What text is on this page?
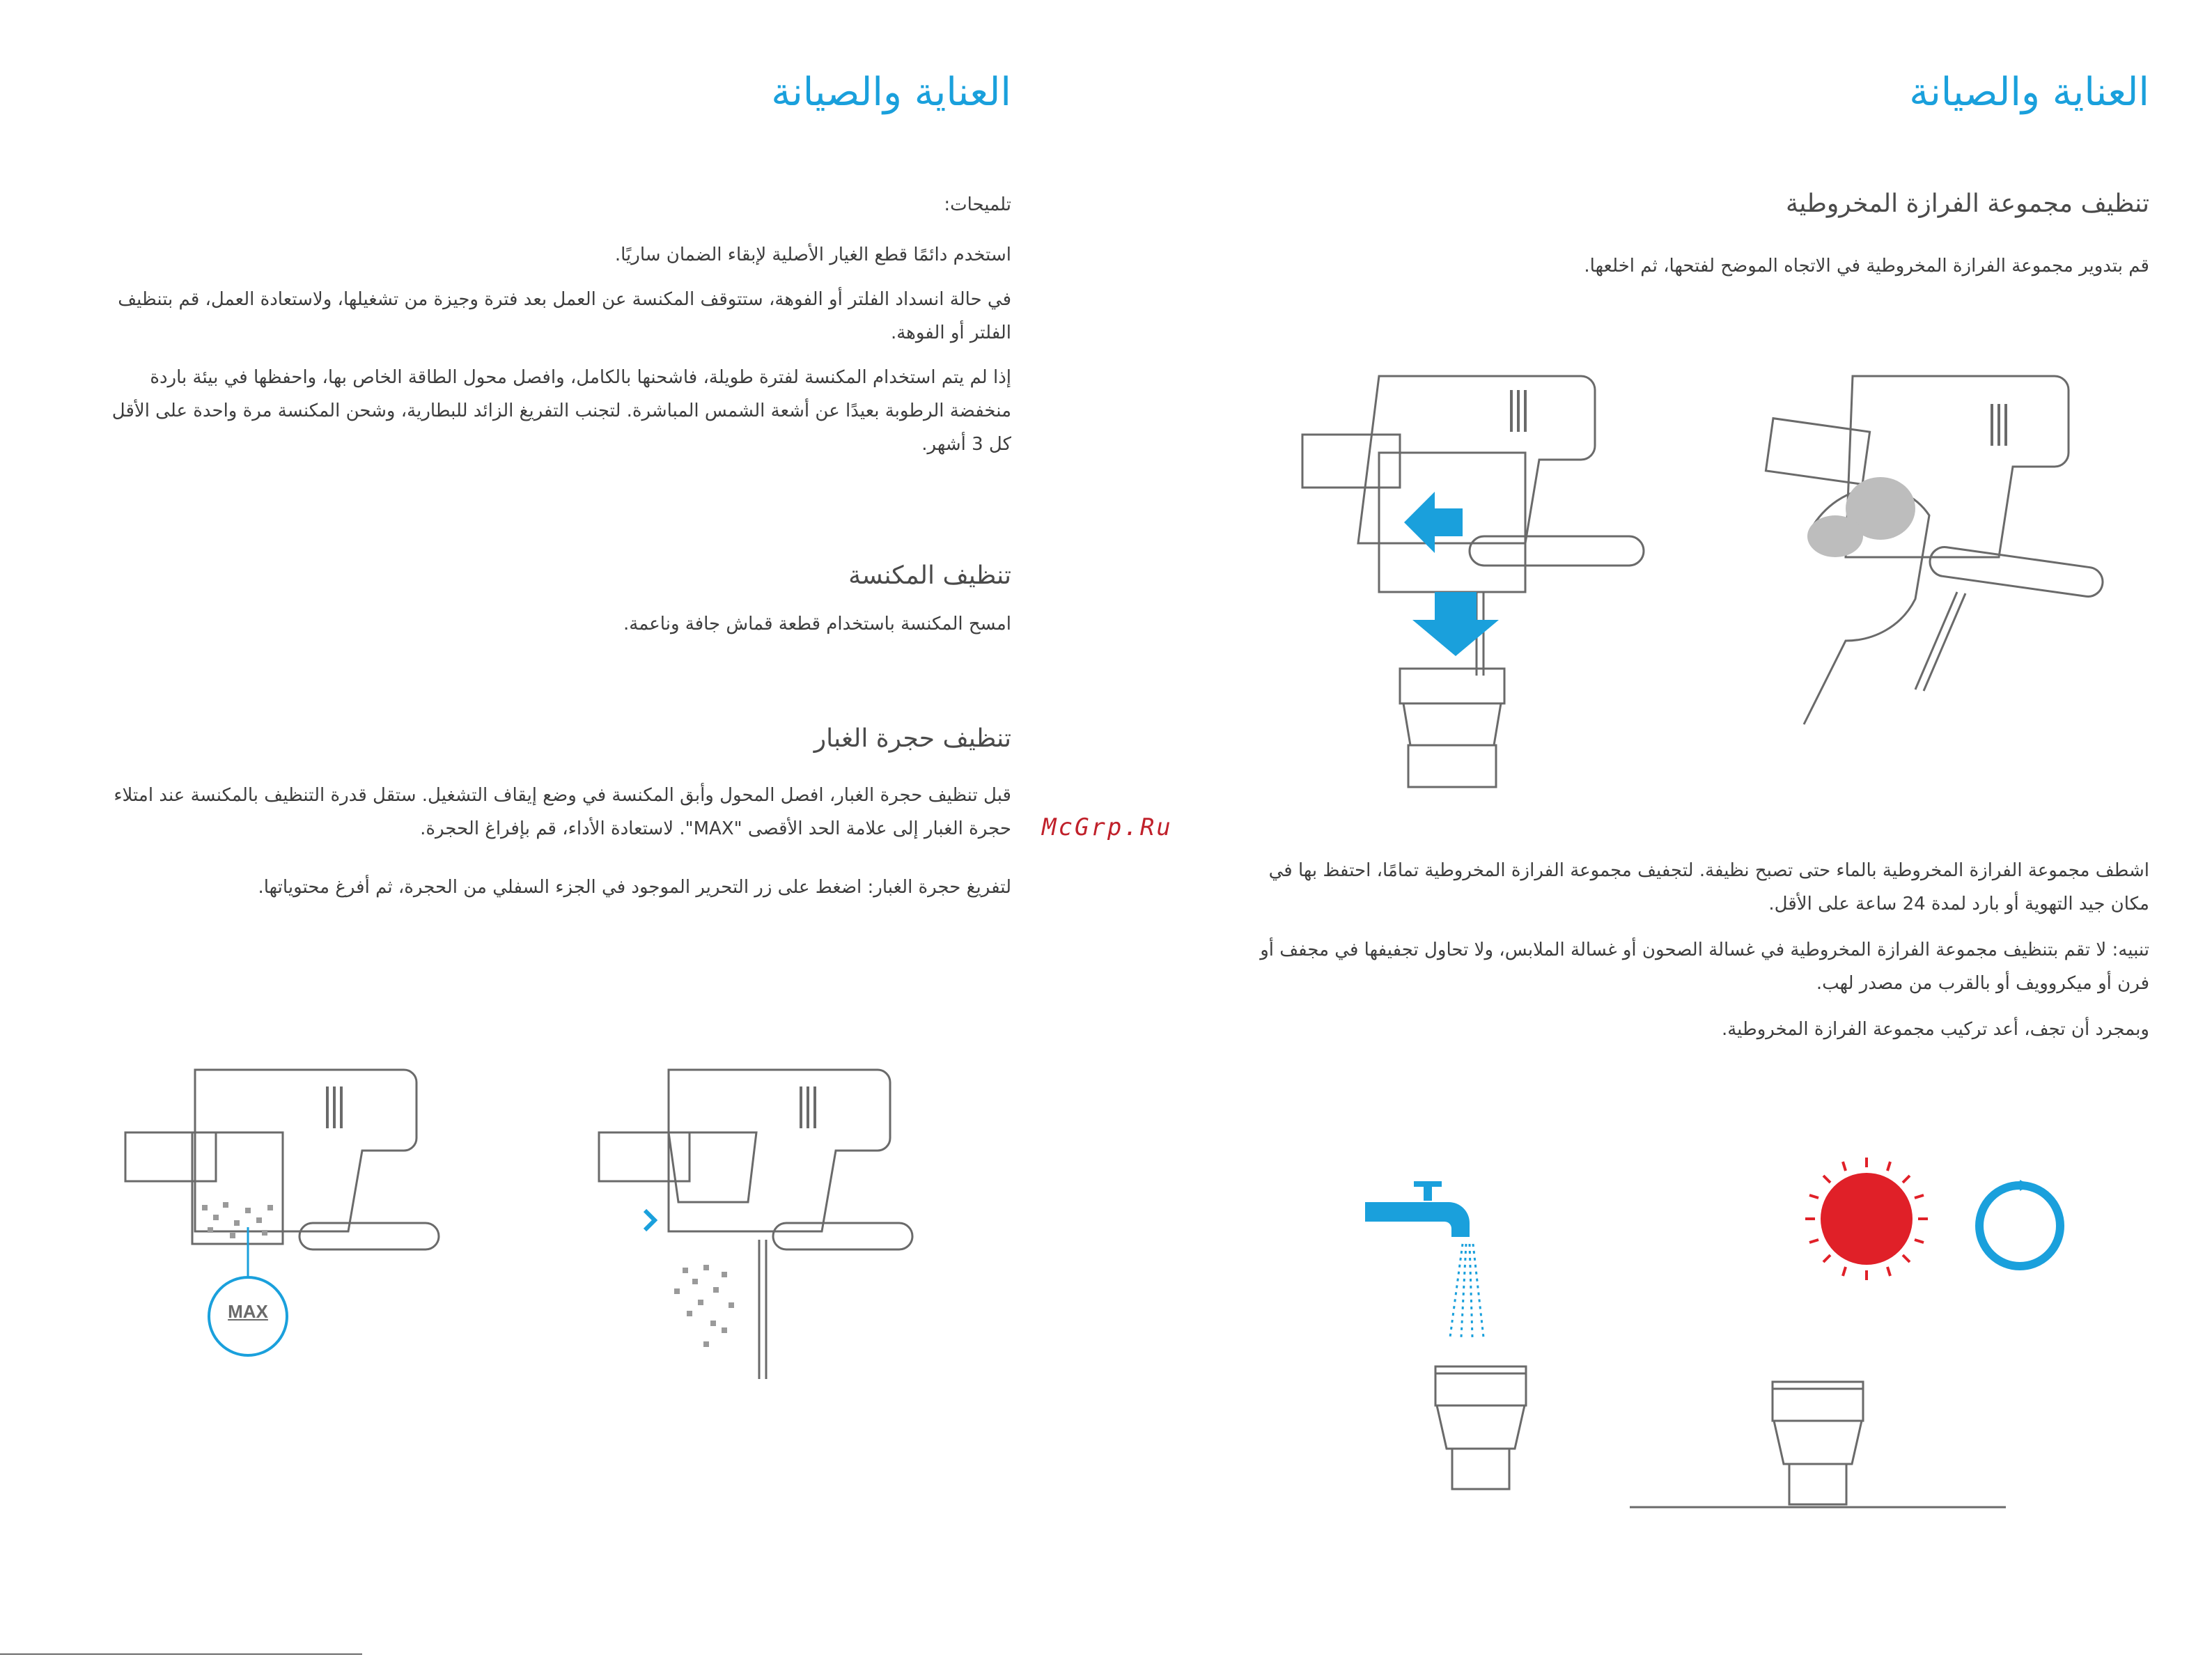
العناية والصيانة
تنظيف مجموعة الفرازة المخروطية
قم بتدوير مجموعة الفرازة المخروطية في الاتجاه الموضح لفتحها، ثم اخلعها.
اشطف مجموعة الفرازة المخروطية بالماء حتى تصبح نظيفة. لتجفيف مجموعة الفرازة المخروطية تمامًا، احتفظ بها في مكان جيد التهوية أو بارد لمدة 24 ساعة على الأقل.
تنبيه: لا تقم بتنظيف مجموعة الفرازة المخروطية في غسالة الصحون أو غسالة الملابس، ولا تحاول تجفيفها في مجفف أو فرن أو ميكروويف أو بالقرب من مصدر لهب.
وبمجرد أن تجف، أعد تركيب مجموعة الفرازة المخروطية.
العناية والصيانة
تلميحات:
استخدم دائمًا قطع الغيار الأصلية لإبقاء الضمان ساريًا.
في حالة انسداد الفلتر أو الفوهة، ستتوقف المكنسة عن العمل بعد فترة وجيزة من تشغيلها، ولاستعادة العمل، قم بتنظيف الفلتر أو الفوهة.
إذا لم يتم استخدام المكنسة لفترة طويلة، فاشحنها بالكامل، وافصل محول الطاقة الخاص بها، واحفظها في بيئة باردة منخفضة الرطوبة بعيدًا عن أشعة الشمس المباشرة. لتجنب التفريغ الزائد للبطارية، وشحن المكنسة مرة واحدة على الأقل كل 3 أشهر.
تنظيف المكنسة
امسح المكنسة باستخدام قطعة قماش جافة وناعمة.
تنظيف حجرة الغبار
قبل تنظيف حجرة الغبار، افصل المحول وأبق المكنسة في وضع إيقاف التشغيل. ستقل قدرة التنظيف بالمكنسة عند امتلاء حجرة الغبار إلى علامة الحد الأقصى "MAX". لاستعادة الأداء، قم بإفراغ الحجرة.
لتفريغ حجرة الغبار: اضغط على زر التحرير الموجود في الجزء السفلي من الحجرة، ثم أفرغ محتوياتها.
McGrp.Ru
MAX
